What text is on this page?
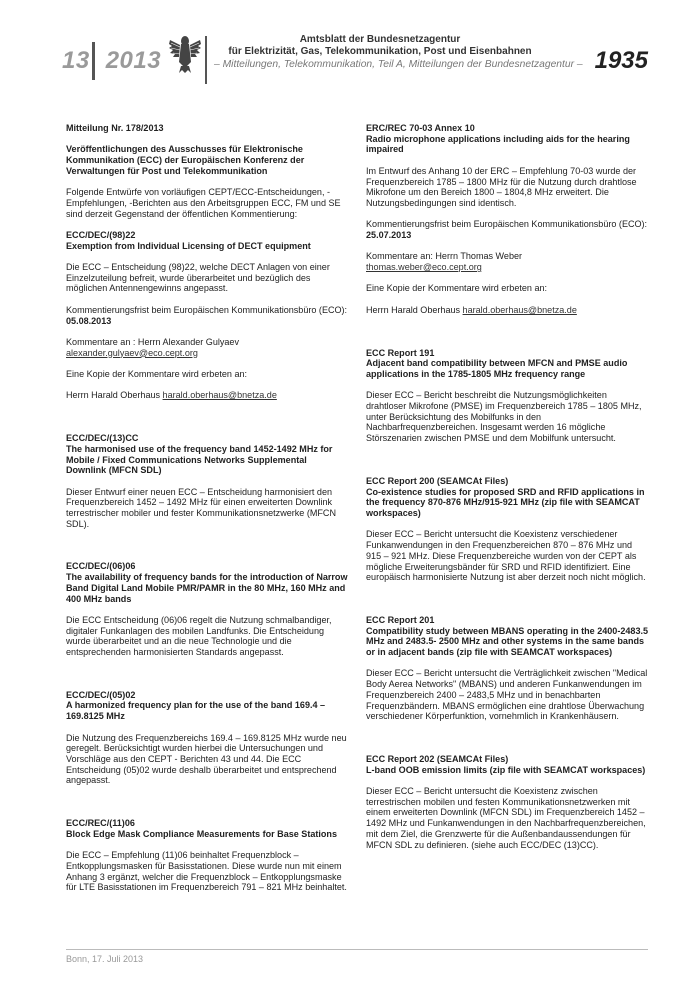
13 2013
Amtsblatt der Bundesnetzagentur
für Elektrizität, Gas, Telekommunikation, Post und Eisenbahnen
– Mitteilungen, Telekommunikation, Teil A, Mitteilungen der Bundesnetzagentur – 1935
Mitteilung Nr. 178/2013
Veröffentlichungen des Ausschusses für Elektronische Kommunikation (ECC) der Europäischen Konferenz der Verwaltungen für Post und Telekommunikation

Folgende Entwürfe von vorläufigen CEPT/ECC-Entscheidungen, -Empfehlungen, -Berichten aus den Arbeitsgruppen ECC, FM und SE sind derzeit Gegenstand der öffentlichen Kommentierung:

ECC/DEC/(98)22
Exemption from Individual Licensing of DECT equipment

Die ECC – Entscheidung (98)22, welche DECT Anlagen von einer Einzelzuteilung befreit, wurde überarbeitet und bezüglich des möglichen Antennengewinns angepasst.

Kommentierungsfrist beim Europäischen Kommunikationsbüro (ECO): 05.08.2013

Kommentare an : Herrn Alexander Gulyaev

alexander.gulyaev@eco.cept.org

Eine Kopie der Kommentare wird erbeten an:

Herrn Harald Oberhaus harald.oberhaus@bnetza.de

ECC/DEC/(13)CC
The harmonised use of the frequency band 1452-1492 MHz for Mobile / Fixed Communications Networks Supplemental Downlink (MFCN SDL)

Dieser Entwurf einer neuen ECC – Entscheidung harmonisiert den Frequenzbereich 1452 – 1492 MHz für einen erweiterten Downlink terrestrischer mobiler und fester Kommunikationsnetzwerke (MFCN SDL).

ECC/DEC/(06)06
The availability of frequency bands for the introduction of Narrow Band Digital Land Mobile PMR/PAMR in the 80 MHz, 160 MHz and 400 MHz bands

Die ECC Entscheidung (06)06 regelt die Nutzung schmalbandiger, digitaler Funkanlagen des mobilen Landfunks. Die Entscheidung wurde überarbeitet und an die neue Technologie und die entsprechenden harmonisierten Standards angepasst.

ECC/DEC/(05)02
A harmonized frequency plan for the use of the band 169.4 – 169.8125 MHz

Die Nutzung des Frequenzbereichs 169.4 – 169.8125 MHz wurde neu geregelt. Berücksichtigt wurden hierbei die Untersuchungen und Vorschläge aus den CEPT - Berichten 43 und 44. Die ECC Entscheidung (05)02 wurde deshalb überarbeitet und entsprechend angepasst.

ECC/REC/(11)06
Block Edge Mask Compliance Measurements for Base Stations

Die ECC – Empfehlung (11)06 beinhaltet Frequenzblock – Entkopplungsmasken für Basisstationen. Diese wurde nun mit einem Anhang 3 ergänzt, welcher die Frequenzblock – Entkopplungsmaske für LTE Basisstationen im Frequenzbereich 791 – 821 MHz beinhaltet.

ERC/REC 70-03 Annex 10
Radio microphone applications including aids for the hearing impaired

Im Entwurf des Anhang 10 der ERC – Empfehlung 70-03 wurde der Frequenzbereich 1785 – 1800 MHz für die Nutzung durch drahtlose Mikrofone um den Bereich 1800 – 1804,8 MHz erweitert. Die Nutzungsbedingungen sind identisch.

Kommentierungsfrist beim Europäischen Kommunikationsbüro (ECO): 25.07.2013

Kommentare an: Herrn Thomas Weber

thomas.weber@eco.cept.org

Eine Kopie der Kommentare wird erbeten an:

Herrn Harald Oberhaus harald.oberhaus@bnetza.de

ECC Report 191
Adjacent band compatibility between MFCN and PMSE audio applications in the 1785-1805 MHz frequency range

Dieser ECC – Bericht beschreibt die Nutzungsmöglichkeiten drahtloser Mikrofone (PMSE) im Frequenzbereich 1785 – 1805 MHz, unter Berücksichtung des Mobilfunks in den Nachbarfrequenzbereichen. Insgesamt werden 16 mögliche Störszenarien zwischen PMSE und dem Mobilfunk untersucht.

ECC Report 200 (SEAMCAt Files)
Co-existence studies for proposed SRD and RFID applications in the frequency 870-876 MHz/915-921 MHz (zip file with SEAMCAT workspaces)

Dieser ECC – Bericht untersucht die Koexistenz verschiedener Funkanwendungen in den Frequenzbereichen 870 – 876 MHz und 915 – 921 MHz. Diese Frequenzbereiche wurden von der CEPT als mögliche Erweiterungsbänder für SRD und RFID identifiziert. Eine europäisch harmonisierte Nutzung ist aber derzeit noch nicht möglich.

ECC Report 201
Compatibility study between MBANS operating in the 2400-2483.5 MHz and 2483.5- 2500 MHz and other systems in the same bands or in adjacent bands (zip file with SEAMCAT workspaces)

Dieser ECC – Bericht untersucht die Verträglichkeit zwischen "Medical Body Aerea Networks" (MBANS) und anderen Funkanwendungen im Frequenzbereich 2400 – 2483,5 MHz und in benachbarten Frequenzbändern. MBANS ermöglichen eine drahtlose Überwachung verschiedener Körperfunktion, vornehmlich in Krankenhäusern.

ECC Report 202 (SEAMCAt Files)
L-band OOB emission limits (zip file with SEAMCAT workspaces)

Dieser ECC – Bericht untersucht die Koexistenz zwischen terrestrischen mobilen und festen Kommunikationsnetzwerken mit einem erweiterten Downlink (MFCN SDL) im Frequenzbereich 1452 – 1492 MHz und Funkanwendungen in den Nachbarfrequenzbereichen, mit dem Ziel, die Grenzwerte für die Außenbandaussendungen für MFCN SDL zu definieren. (siehe auch ECC/DEC (13)CC).

Bonn, 17. Juli 2013
